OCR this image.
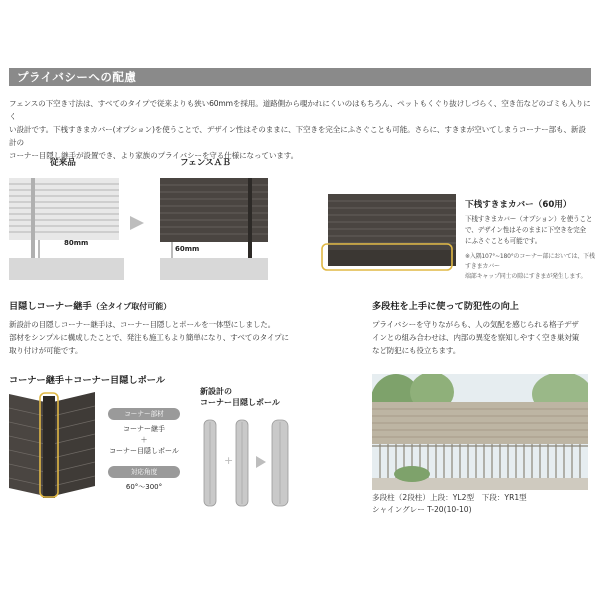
プライバシーへの配慮
フェンスの下空き寸法は、すべてのタイプで従来よりも狭い60mmを採用。道路側から覗かれにくいのはもちろん、ペットもくぐり抜けしづらく、空き缶などのゴミも入りにく
い設計です。下桟すきまカバー(オプション)を使うことで、デザイン性はそのままに、下空きを完全にふさぐことも可能。さらに、すきまが空いてしまうコーナー部も、新設計の
コーナー目隠し継手が設置でき、より家族のプライバシーを守る仕様になっています。
従来品	フェンスＡＢ
80mm
60mm
下桟すきまカバー（60用）
下桟すきまカバー（オプション）を使うこと
で、デザイン性はそのままに下空きを完全
にふさぐことも可能です。
※入隅107°~180°のコーナー部においては、下桟すきまカバー
端部キャップ同士の隙にすきまが発生します。
目隠しコーナー継手（全タイプ取付可能）
新設計の目隠しコーナー継手は、コーナー目隠しとポールを一体型にしました。
部材をシンプルに構成したことで、発注も施工もより簡単になり、すべてのタイプに
取り付けが可能です。
コーナー継手＋コーナー目隠しポール
コーナー部材
コーナー継手
＋
コーナー目隠しポール
対応角度
60°～300°
新設計の
コーナー目隠しポール
+
多段柱を上手に使って防犯性の向上
プライバシーを守りながらも、人の気配を感じられる格子デザ
インとの組み合わせは、内部の異変を察知しやすく空き巣対策
など防犯にも役立ちます。
多段柱（2段柱）上段：YL2型　下段：YR1型
シャイングレー T-20(10-10)
